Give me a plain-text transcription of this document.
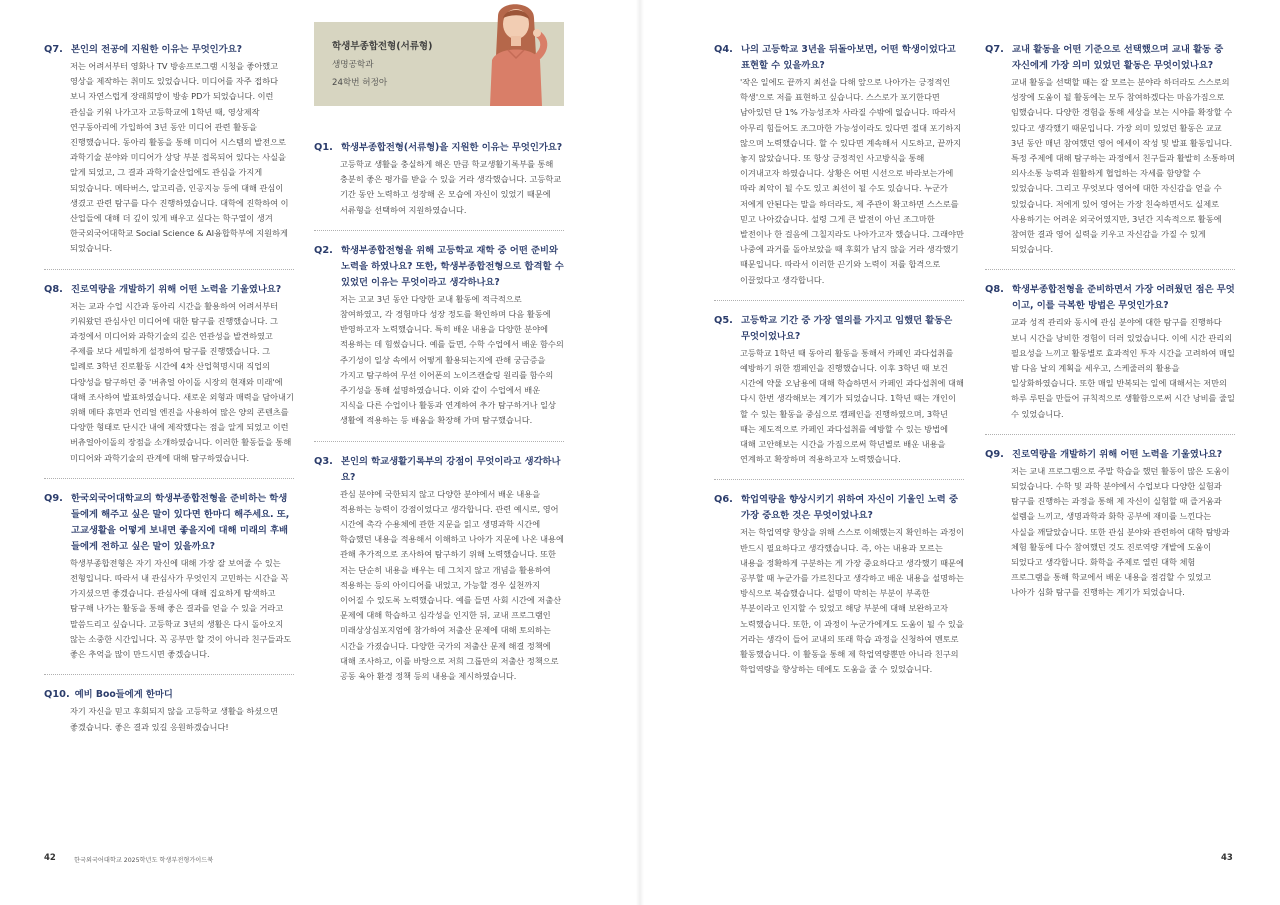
Q7. 본인의 전공에 지원한 이유는 무엇인가요?
저는 어려서부터 영화나 TV 방송프로그램 시청을 좋아했고 영상을 제작하는 취미도 있었습니다. 미디어를 자주 접하다 보니 자연스럽게 장래희망이 방송 PD가 되었습니다. 이런 관심을 키워 나가고자 고등학교에 1학년 때, 영상제작 연구동아리에 가입하여 3년 동안 미디어 관련 활동을 진행했습니다. 동아리 활동을 통해 미디어 시스템의 발전으로 과학기술 분야와 미디어가 상당 부분 접목되어 있다는 사실을 알게 되었고, 그 결과 과학기술산업에도 관심을 가지게 되었습니다. 메타버스, 알고리즘, 인공지능 등에 대해 관심이 생겼고 관련 탐구를 다수 진행하였습니다. 대학에 진학하여 이 산업들에 대해 더 깊이 있게 배우고 싶다는 학구열이 생겨 한국외국어대학교 Social Science & AI융합학부에 지원하게 되었습니다.
Q8. 진로역량을 개발하기 위해 어떤 노력을 기울였나요?
저는 교과 수업 시간과 동아리 시간을 활용하여 어려서부터 키워왔던 관심사인 미디어에 대한 탐구를 진행했습니다. 그 과정에서 미디어와 과학기술의 깊은 연관성을 발견하였고 주제를 보다 세밀하게 설정하여 탐구를 진행했습니다. 그 일례로 3학년 진로활동 시간에 4차 산업혁명시대 직업의 다양성을 탐구하던 중 '버츄얼 아이돌 시장의 현재와 미래'에 대해 조사하여 발표하였습니다. 새로운 외형과 매력을 담아내기 위해 메타 휴먼과 언리얼 엔진을 사용하여 많은 양의 콘텐츠를 다양한 형태로 단시간 내에 제작했다는 점을 알게 되었고 이런 버츄얼아이돌의 장점을 소개하였습니다. 이러한 활동들을 통해 미디어와 과학기술의 관계에 대해 탐구하였습니다.
Q9. 한국외국어대학교의 학생부종합전형을 준비하는 학생들에게 해주고 싶은 말이 있다면 한마디 해주세요. 또, 고교생활을 어떻게 보내면 좋을지에 대해 미래의 후배들에게 전하고 싶은 말이 있을까요?
학생부종합전형은 자기 자신에 대해 가장 잘 보여줄 수 있는 전형입니다. 따라서 내 관심사가 무엇인지 고민하는 시간을 꼭 가지셨으면 좋겠습니다. 관심사에 대해 집요하게 탐색하고 탐구해 나가는 활동을 통해 좋은 결과를 얻을 수 있을 거라고 말씀드리고 싶습니다. 고등학교 3년의 생활은 다시 돌아오지 않는 소중한 시간입니다. 꼭 공부만 할 것이 아니라 친구들과도 좋은 추억을 많이 만드시면 좋겠습니다.
Q10. 예비 Boo들에게 한마디
자기 자신을 믿고 후회되지 않을 고등학교 생활을 하셨으면 좋겠습니다. 좋은 결과 있길 응원하겠습니다!
학생부종합전형(서류형)
생명공학과
24학번 허정아
Q1. 학생부종합전형(서류형)을 지원한 이유는 무엇인가요?
고등학교 생활을 충실하게 해온 만큼 학교생활기록부를 통해 충분히 좋은 평가를 받을 수 있을 거라 생각했습니다. 고등학교 기간 동안 노력하고 성장해 온 모습에 자신이 있었기 때문에 서류형을 선택하여 지원하였습니다.
Q2. 학생부종합전형을 위해 고등학교 재학 중 어떤 준비와 노력을 하였나요? 또한, 학생부종합전형으로 합격할 수 있었던 이유는 무엇이라고 생각하나요?
저는 고교 3년 동안 다양한 교내 활동에 적극적으로 참여하였고, 각 경험마다 성장 정도를 확인하며 다음 활동에 반영하고자 노력했습니다. 특히 배운 내용을 다양한 분야에 적용하는 데 힘썼습니다. 예를 들면, 수학 수업에서 배운 함수의 주기성이 일상 속에서 어떻게 활용되는지에 관해 궁금증을 가지고 탐구하여 무선 이어폰의 노이즈캔슬링 원리를 함수의 주기성을 통해 설명하였습니다. 이와 같이 수업에서 배운 지식을 다른 수업이나 활동과 연계하여 추가 탐구하거나 일상 생활에 적용하는 등 배움을 확장해 가며 탐구했습니다.
Q3. 본인의 학교생활기록부의 강점이 무엇이라고 생각하나요?
관심 분야에 국한되지 않고 다양한 분야에서 배운 내용을 적용하는 능력이 강점이었다고 생각합니다. 관련 예시로, 영어 시간에 촉각 수용체에 관한 지문을 읽고 생명과학 시간에 학습했던 내용을 적용해서 이해하고 나아가 지문에 나온 내용에 관해 추가적으로 조사하여 탐구하기 위해 노력했습니다. 또한 저는 단순히 내용을 배우는 데 그치지 않고 개념을 활용하여 적용하는 등의 아이디어를 내었고, 가능할 경우 실천까지 이어질 수 있도록 노력했습니다. 예를 들면 사회 시간에 저출산 문제에 대해 학습하고 심각성을 인지한 뒤, 교내 프로그램인 미래상상심포지엄에 참가하여 저출산 문제에 대해 토의하는 시간을 가졌습니다. 다양한 국가의 저출산 문제 해결 정책에 대해 조사하고, 이를 바탕으로 저희 그룹만의 저출산 정책으로 공동 육아 환경 정책 등의 내용을 제시하였습니다.
Q4. 나의 고등학교 3년을 뒤돌아보면, 어떤 학생이었다고 표현할 수 있을까요?
'작은 일에도 끝까지 최선을 다해 앞으로 나아가는 긍정적인 학생'으로 저를 표현하고 싶습니다. 스스로가 포기한다면 남아있던 단 1% 가능성조차 사라질 수밖에 없습니다. 따라서 아무리 힘들어도 조그마한 가능성이라도 있다면 절대 포기하지 않으며 노력했습니다. 할 수 있다면 계속해서 시도하고, 끝까지 놓지 않았습니다. 또 항상 긍정적인 사고방식을 통해 이겨내고자 하였습니다. 상황은 어떤 시선으로 바라보는가에 따라 최악이 될 수도 있고 최선이 될 수도 있습니다. 누군가 저에게 안된다는 말을 하더라도, 제 주관이 확고하면 스스로를 믿고 나아갔습니다. 설령 그게 큰 발전이 아닌 조그마한 발전이나 한 걸음에 그칠지라도 나아가고자 했습니다. 그래야만 나중에 과거를 돌아보았을 때 후회가 남지 않을 거라 생각했기 때문입니다. 따라서 이러한 끈기와 노력이 저를 합격으로 이끌었다고 생각합니다.
Q5. 고등학교 기간 중 가장 열의를 가지고 임했던 활동은 무엇이었나요?
고등학교 1학년 때 동아리 활동을 통해서 카페인 과다섭취를 예방하기 위한 캠페인을 진행했습니다. 이후 3학년 때 보건 시간에 약물 오남용에 대해 학습하면서 카페인 과다섭취에 대해 다시 한번 생각해보는 계기가 되었습니다. 1학년 때는 개인이 할 수 있는 활동을 중심으로 캠페인을 진행하였으며, 3학년 때는 제도적으로 카페인 과다섭취를 예방할 수 있는 방법에 대해 고안해보는 시간을 가짐으로써 학년별로 배운 내용을 연계하고 확장하며 적용하고자 노력했습니다.
Q6. 학업역량을 향상시키기 위하여 자신이 기울인 노력 중 가장 중요한 것은 무엇이었나요?
저는 학업역량 향상을 위해 스스로 이해했는지 확인하는 과정이 반드시 필요하다고 생각했습니다. 즉, 아는 내용과 모르는 내용을 정확하게 구분하는 게 가장 중요하다고 생각했기 때문에 공부할 때 누군가를 가르친다고 생각하고 배운 내용을 설명하는 방식으로 복습했습니다. 설명이 막히는 부분이 부족한 부분이라고 인지할 수 있었고 해당 부분에 대해 보완하고자 노력했습니다. 또한, 이 과정이 누군가에게도 도움이 될 수 있을 거라는 생각이 들어 교내의 또래 학습 과정을 신청하여 멘토로 활동했습니다. 이 활동을 통해 제 학업역량뿐만 아니라 친구의 학업역량을 향상하는 데에도 도움을 줄 수 있었습니다.
Q7. 교내 활동을 어떤 기준으로 선택했으며 교내 활동 중 자신에게 가장 의미 있었던 활동은 무엇이었나요?
교내 활동을 선택할 때는 잘 모르는 분야라 하더라도 스스로의 성장에 도움이 될 활동에는 모두 참여하겠다는 마음가짐으로 임했습니다. 다양한 경험을 통해 세상을 보는 시야를 확장할 수 있다고 생각했기 때문입니다. 가장 의미 있었던 활동은 교교 3년 동안 매년 참여했던 영어 에세이 작성 및 발표 활동입니다. 특정 주제에 대해 탐구하는 과정에서 친구들과 활발히 소통하며 의사소통 능력과 원활하게 협업하는 자세를 함양할 수 있었습니다. 그리고 무엇보다 영어에 대한 자신감을 얻을 수 있었습니다. 저에게 있어 영어는 가장 친숙하면서도 실제로 사용하기는 어려운 외국어였지만, 3년간 지속적으로 활동에 참여한 결과 영어 실력을 키우고 자신감을 가질 수 있게 되었습니다.
Q8. 학생부종합전형을 준비하면서 가장 어려웠던 점은 무엇이고, 이를 극복한 방법은 무엇인가요?
교과 성적 관리와 동시에 관심 분야에 대한 탐구를 진행하다 보니 시간을 낭비한 경험이 더러 있었습니다. 이에 시간 관리의 필요성을 느끼고 활동별로 효과적인 투자 시간을 고려하여 매일 밤 다음 날의 계획을 세우고, 스케줄러의 활용을 일상화하였습니다. 또한 매일 반복되는 일에 대해서는 저만의 하루 루틴을 만들어 규칙적으로 생활함으로써 시간 낭비를 줄일 수 있었습니다.
Q9. 진로역량을 개발하기 위해 어떤 노력을 기울였나요?
저는 교내 프로그램으로 주말 학습을 했던 활동이 많은 도움이 되었습니다. 수학 및 과학 분야에서 수업보다 다양한 실험과 탐구를 진행하는 과정을 통해 제 자신이 실험할 때 즐거움과 설렘을 느끼고, 생명과학과 화학 공부에 재미를 느낀다는 사실을 깨달았습니다. 또한 관심 분야와 관련하여 대학 탐방과 체험 활동에 다수 참여했던 것도 진로역량 개발에 도움이 되었다고 생각합니다. 화학을 주제로 열린 대학 체험 프로그램을 통해 학교에서 배운 내용을 점검할 수 있었고 나아가 심화 탐구를 진행하는 계기가 되었습니다.
42	한국외국어대학교 2025학년도 학생부전형가이드북	43
